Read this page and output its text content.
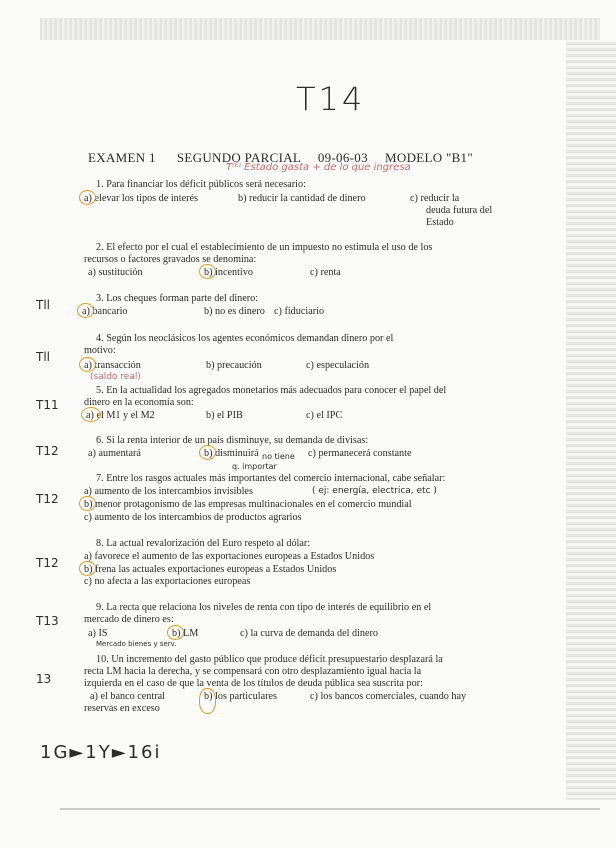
T14
EXAMEN 1 SEGUNDO PARCIAL 09-06-03 MODELO "B1"
T⁽ᴱ⁾ Estado gasta + de lo que ingresa
1. Para financiar los déficit públicos será necesario:
a) elevar los tipos de interés	b) reducir la cantidad de dinero	c) reducir la
deuda futura del
Estado
2. El efecto por el cual el establecimiento de un impuesto no estimula el uso de los
recursos o factores gravados se denomina:
a) sustitución	b) incentivo	c) renta
Tll	3. Los cheques forman parte del dinero:
a) bancario	b) no es dinero c) fiduciario
Tll
4. Según los neoclásicos los agentes económicos demandan dinero por el
motivo:
a) transacción
(saldo real)
b) precaución	c) especulación
T11
5. En la actualidad los agregados monetarios más adecuados para conocer el papel del
dinero en la economía son:
a) el M1 y el M2	b) el PIB	c) el IPC
T12
6. Si la renta interior de un país disminuye, su demanda de divisas:
a) aumentará	b) disminuirá no tiene
q. importar
c) permanecerá constante
T12
7. Entre los rasgos actuales más importantes del comercio internacional, cabe señalar:
a) aumento de los intercambios invisibles	( ej: energía, electrica, etc )
b) menor protagonismo de las empresas multinacionales en el comercio mundial
c) aumento de los intercambios de productos agrarios
T12
8. La actual revalorización del Euro respeto al dólar:
a) favorece el aumento de las exportaciones europeas a Estados Unidos
b) frena las actuales exportaciones europeas a Estados Unidos
c) no afecta a las exportaciones europeas
T13
9. La recta que relaciona los niveles de renta con tipo de interés de equilibrio en el
mercado de dinero es:
a) IS
Mercado bienes y serv.
b) LM	c) la curva de demanda del dinero
13
10. Un incremento del gasto público que produce déficit presupuestario desplazará la
recta LM hacia la derecha, y se compensará con otro desplazamiento igual hacia la
izquierda en el caso de que la venta de los títulos de deuda pública sea suscrita por:
a) el banco central	b) los particulares	c) los bancos comerciales, cuando hay
reservas en exceso
1G►1Y►16i
